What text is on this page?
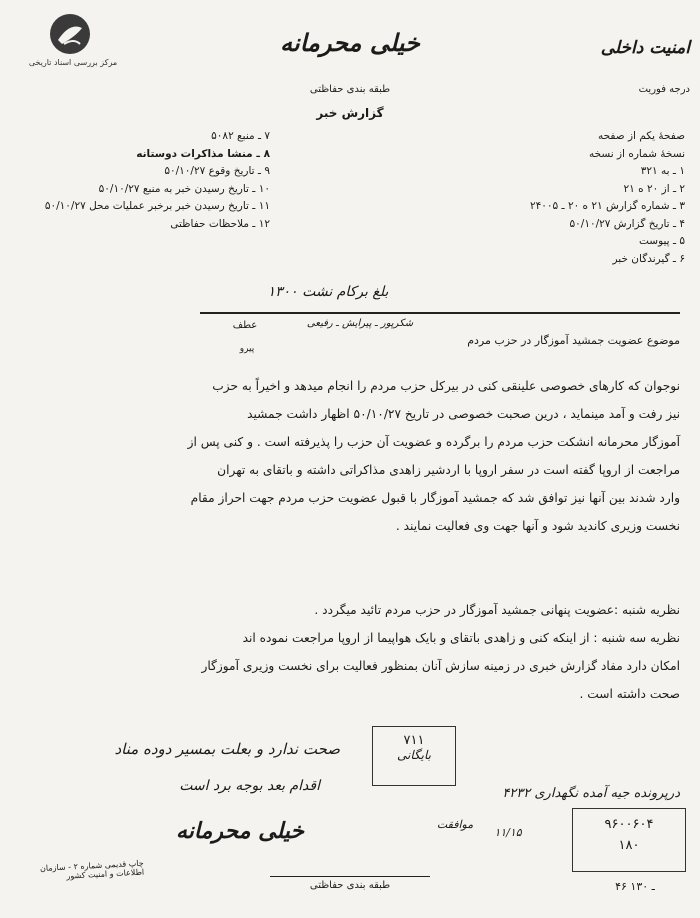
مرکز بررسی اسناد تاریخی
خیلی محرمانه
طبقه بندی حفاظتی
گزارش خبر
امنیت داخلی
درجه فوریت
۷ ـ منبع ۵۰۸۲
۸ ـ منشا مذاکرات دوستانه
۹ ـ تاریخ وقوع ۵۰/۱۰/۲۷
۱۰ ـ تاریخ رسیدن خبر به منبع ۵۰/۱۰/۲۷
۱۱ ـ تاریخ رسیدن خبر برخبر عملیات محل ۵۰/۱۰/۲۷
۱۲ ـ ملاحظات حفاظتی
صفحهٔ یکم از صفحه
نسخهٔ شماره از نسخه
۱ ـ به ۳۲۱
۲ ـ از ۲۰ ه ۲۱
۳ ـ شماره گزارش ۲۱ ه ۲۰ ـ ۲۴۰۰۵
۴ ـ تاریخ گزارش ۵۰/۱۰/۲۷
۵ ـ پیوست
۶ ـ گیرندگان خبر
بلغ برکام نشت ۱۳۰۰
شکرپور ـ پیرایش ـ رفیعی
عطف
پیرو
موضوع عضویت جمشید آموزگار در حزب مردم
نوجوان که کارهای خصوصی علینقی کنی در بیرکل حزب مردم را انجام میدهد و اخیراً به حزب
نیز رفت و آمد مینماید ، درین صحبت خصوصی در تاریخ ۵۰/۱۰/۲۷ اظهار داشت جمشید
آموزگار محرمانه انشکت حزب مردم را برگرده و عضویت آن حزب را پذیرفته است . و کنی پس از
مراجعت از اروپا گفته است در سفر اروپا با اردشیر زاهدی مذاکراتی داشته و باتقای به تهران
وارد شدند بین آنها نیز توافق شد که جمشید آموزگار با قبول عضویت حزب مردم جهت احراز مقام
نخست وزیری کاندید شود و آنها جهت وی فعالیت نمایند .
نظریه شنبه :عضویت پنهانی جمشید آموزگار در حزب مردم تائید میگردد .
نظریه سه شنبه : از اینکه کنی و زاهدی باتقای و بایک هواپیما از اروپا مراجعت نموده اند
امکان دارد مفاد گزارش خبری در زمینه سازش آنان بمنظور فعالیت برای نخست وزیری آموزگار
صحت داشته است .
صحت ندارد و بعلت بمسیر دوده مناد
اقدام بعد بوجه برد است
۷۱۱
بایگانی
درپرونده جیه آمده نگهداری ۴۲۳۲
خیلی محرمانه	موافقت
۱۱/۱۵
۹۶۰۰۶۰۴
۱۸۰
چاپ قدیمی شماره ۲ - سازمان اطلاعات و امنیت کشور
طبقه بندی حفاظتی	۴۶ ـ ۱۳۰
